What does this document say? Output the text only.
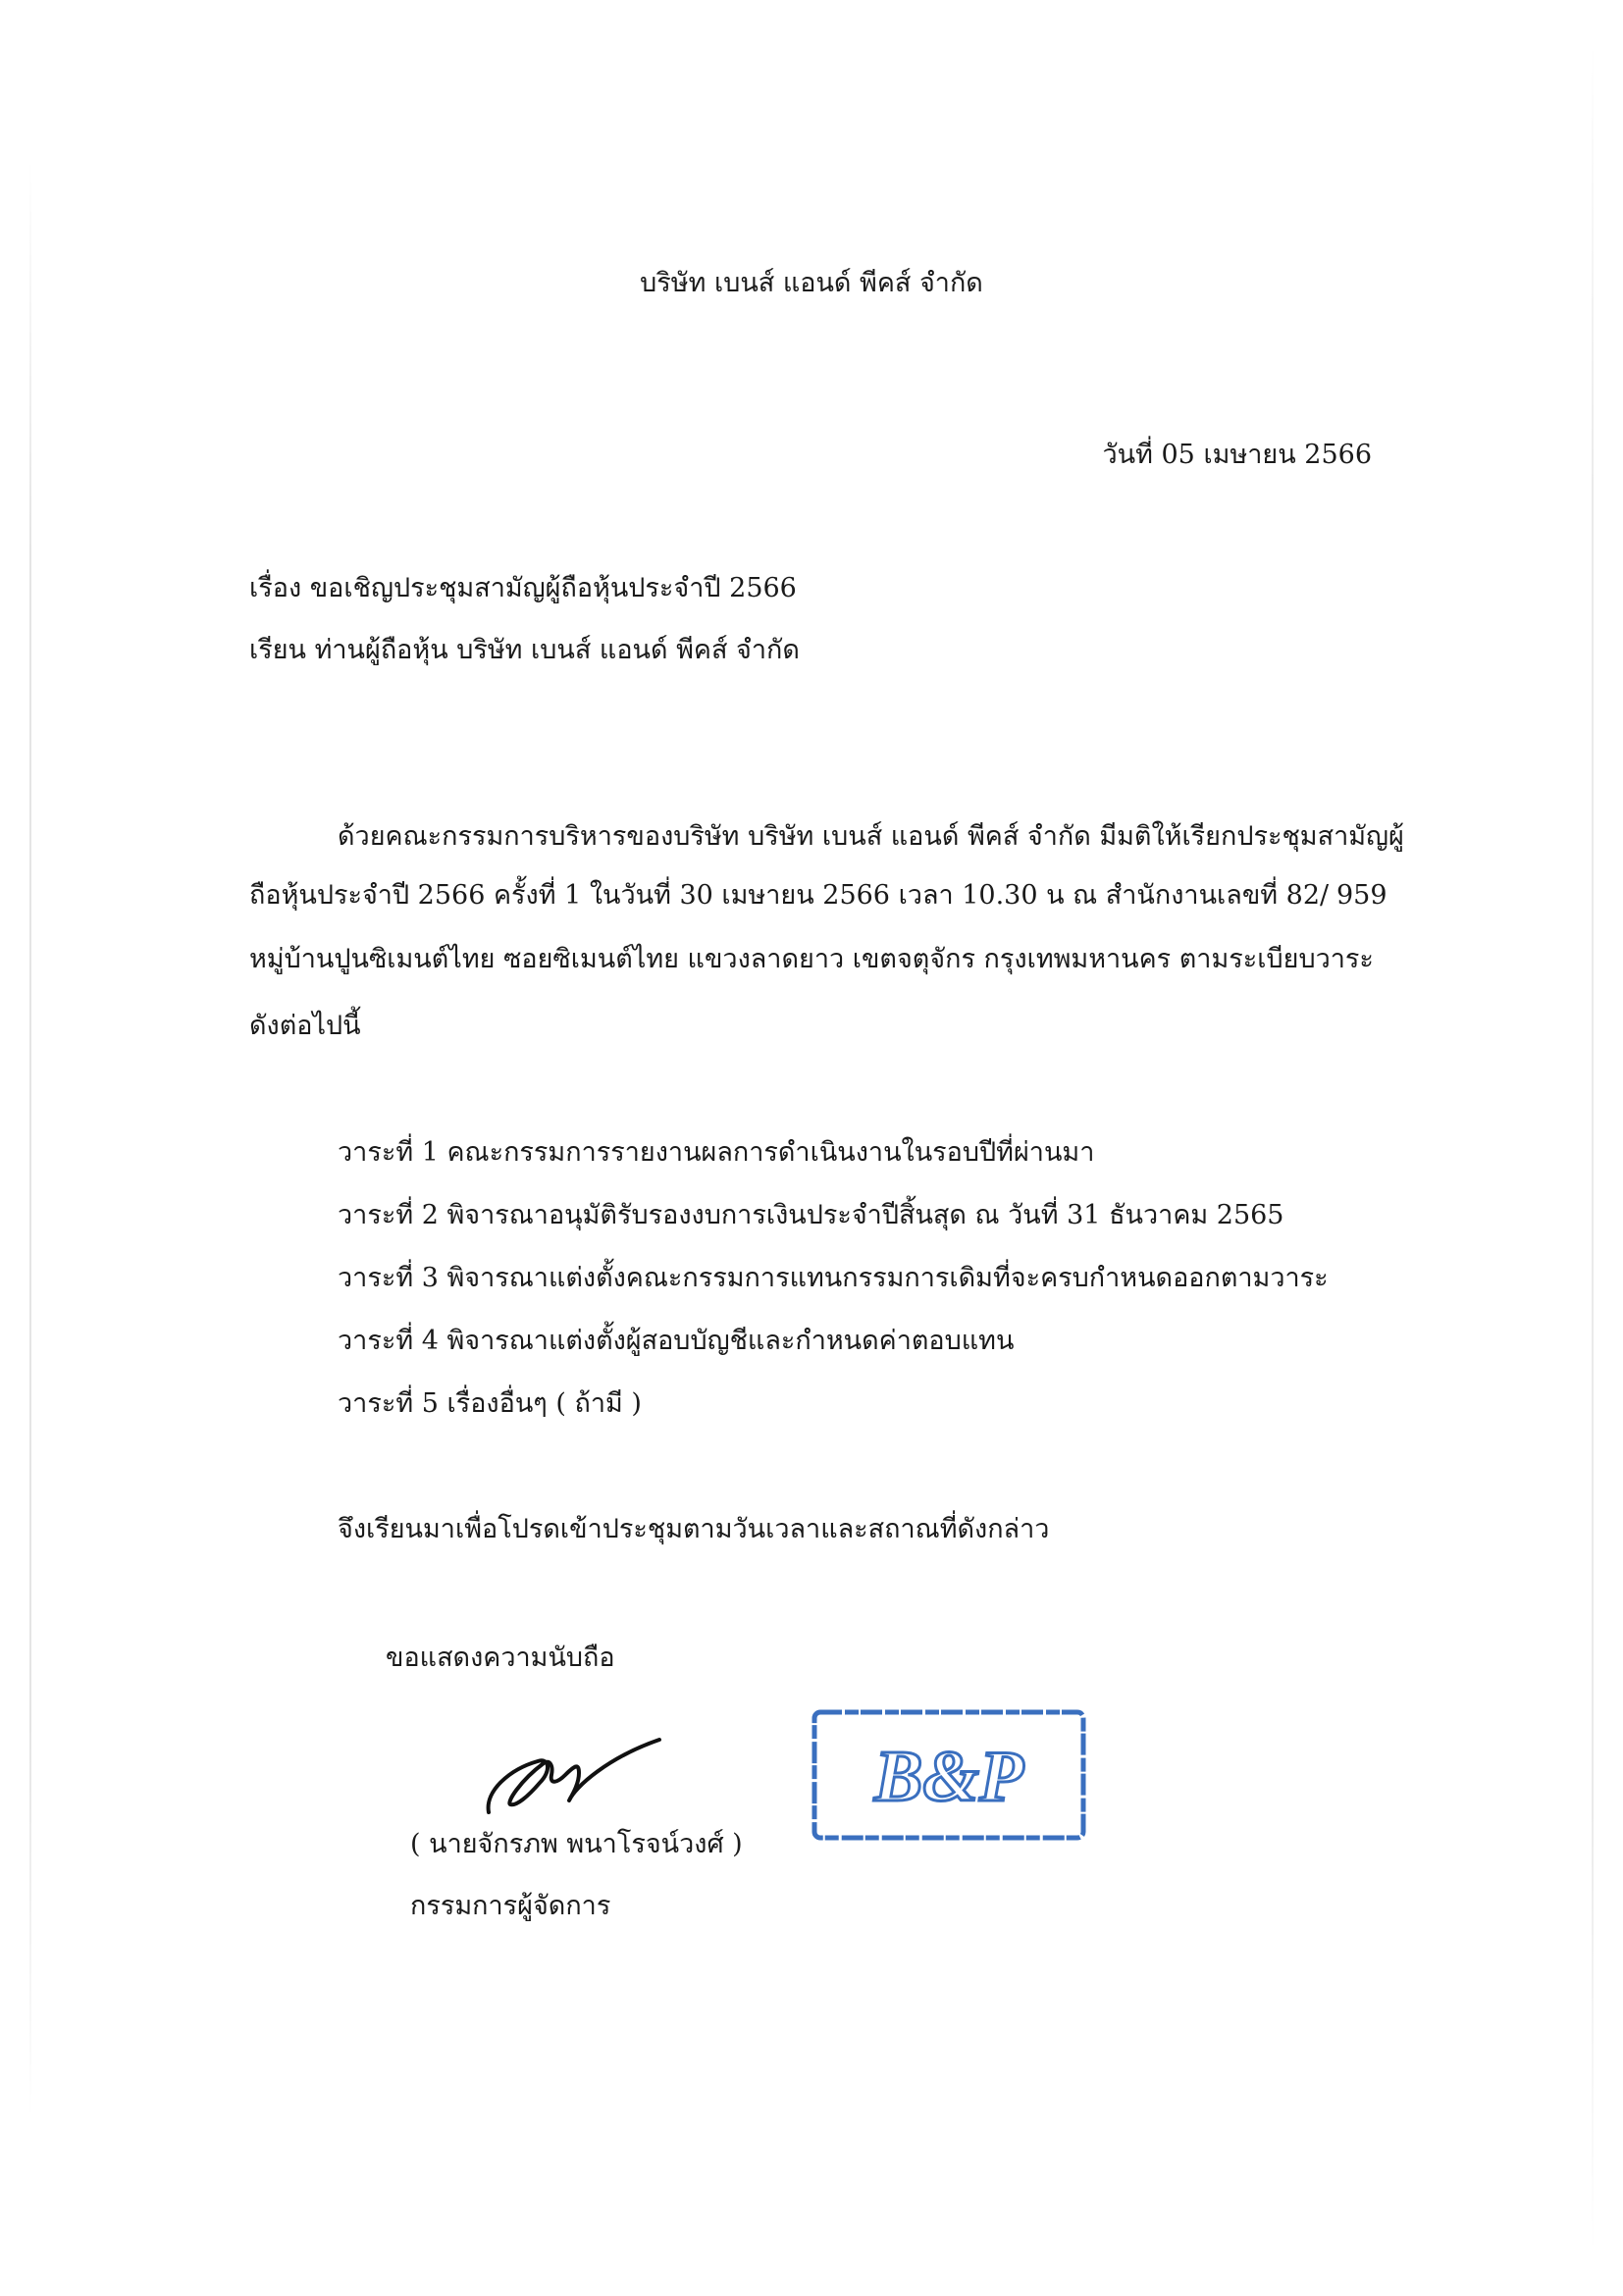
บริษัท เบนส์ แอนด์ พีคส์ จำกัด
วันที่ 05 เมษายน 2566
เรื่อง ขอเชิญประชุมสามัญผู้ถือหุ้นประจำปี 2566
เรียน ท่านผู้ถือหุ้น บริษัท เบนส์ แอนด์ พีคส์ จำกัด
ด้วยคณะกรรมการบริหารของบริษัท บริษัท เบนส์ แอนด์ พีคส์ จำกัด มีมติให้เรียกประชุมสามัญผู้
ถือหุ้นประจำปี 2566 ครั้งที่ 1 ในวันที่ 30 เมษายน 2566 เวลา 10.30 น ณ สำนักงานเลขที่ 82/ 959
หมู่บ้านปูนซิเมนต์ไทย ซอยซิเมนต์ไทย แขวงลาดยาว เขตจตุจักร กรุงเทพมหานคร ตามระเบียบวาระ
ดังต่อไปนี้
วาระที่ 1 คณะกรรมการรายงานผลการดำเนินงานในรอบปีที่ผ่านมา
วาระที่ 2 พิจารณาอนุมัติรับรองงบการเงินประจำปีสิ้นสุด ณ วันที่ 31 ธันวาคม 2565
วาระที่ 3 พิจารณาแต่งตั้งคณะกรรมการแทนกรรมการเดิมที่จะครบกำหนดออกตามวาระ
วาระที่ 4 พิจารณาแต่งตั้งผู้สอบบัญชีและกำหนดค่าตอบแทน
วาระที่ 5 เรื่องอื่นๆ ( ถ้ามี )
จึงเรียนมาเพื่อโปรดเข้าประชุมตามวันเวลาและสถาณที่ดังกล่าว
ขอแสดงความนับถือ
B&P
( นายจักรภพ พนาโรจน์วงศ์ )
กรรมการผู้จัดการ
